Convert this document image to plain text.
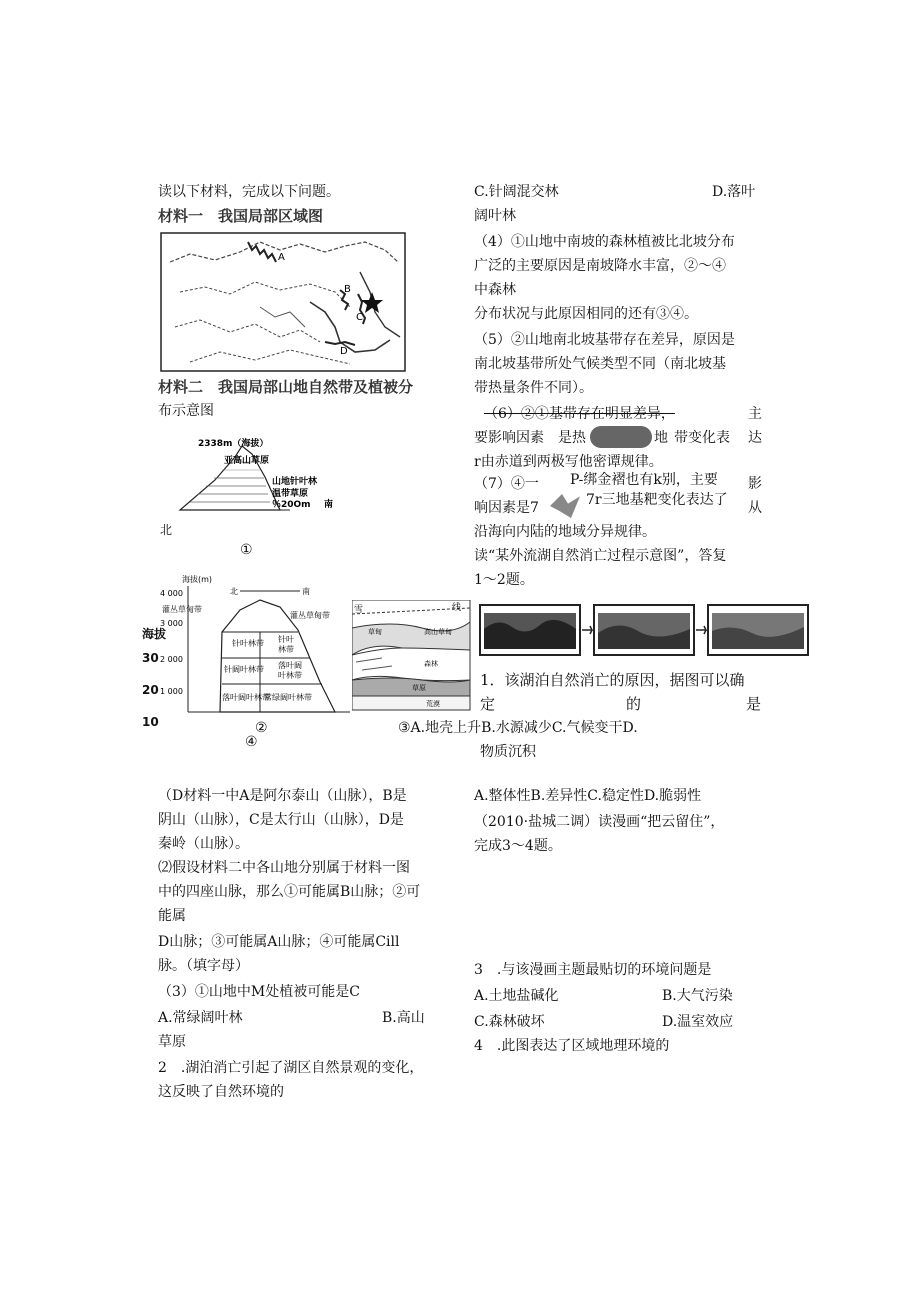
读以下材料，完成以下问题。
材料一　我国局部区域图
A
B
C
D
材料二　我国局部山地自然带及植被分
布示意图
2338m（海拔）
亚高山草原
山地针叶林
温带草原
％20Om 南
北
①
海拔
30
20
10
海拔(m)
4 000
3 000
2 000
1 000
北	南
灌丛草甸带
针叶林带
针阔叶林带
落叶阔叶林带
灌丛草甸带
针叶
林带
落叶阔
叶林带
常绿阔叶林带
②
④
雪	线
草甸	高山草甸
森林
草原
荒漠
（D材料一中A是阿尔泰山（山脉），B是
阴山（山脉），C是太行山（山脉），D是
秦岭（山脉）。
⑵假设材料二中各山地分别属于材料一图
中的四座山脉，那么①可能属B山脉；②可
能属
D山脉；③可能属A山脉；④可能属Cill
脉。（填字母）
（3）①山地中M处植被可能是C
A.常绿阔叶林	B.高山
草原
2　.湖泊消亡引起了湖区自然景观的变化，
这反映了自然环境的
C.针阔混交林	D.落叶
阔叶林
（4）①山地中南坡的森林植被比北坡分布
广泛的主要原因是南坡降水丰富，②～④
中森林
分布状况与此原因相同的还有③④。
（5）②山地南北坡基带存在差异，原因是
南北坡基带所处气候类型不同（南北坡基
带热量条件不同）。
（6）②①基带存在明显差异，	主
要影响因素 是热	地 带变化表 达
r由赤道到两极写他密谭规律。
（7）④一 P-绑金褶也有k别，主要 影
响因素是7	7r三地基粑变化表达了 从
沿海向内陆的地域分异规律。
读“某外流湖自然消亡过程示意图”，答复
1～2题。
1．该湖泊自然消亡的原因，据图可以确
定	的	是
③A.地壳上升B.水源减少C.气候变干D.
物质沉积
A.整体性B.差异性C.稳定性D.脆弱性
（2010·盐城二调）读漫画“把云留住”，
完成3～4题。
3　.与该漫画主题最贴切的环境问题是
A.土地盐碱化	B.大气污染
C.森林破坏	D.温室效应
4　.此图表达了区域地理环境的
